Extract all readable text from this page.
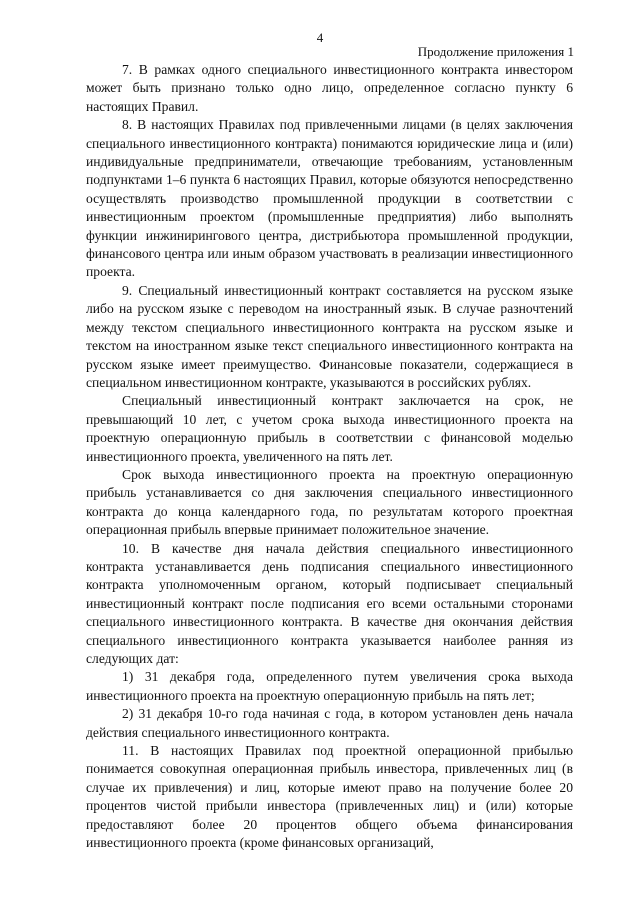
4
Продолжение приложения 1

7. В рамках одного специального инвестиционного контракта инвестором может быть признано только одно лицо, определенное согласно пункту 6 настоящих Правил.

8. В настоящих Правилах под привлеченными лицами (в целях заключения специального инвестиционного контракта) понимаются юридические лица и (или) индивидуальные предприниматели, отвечающие требованиям, установленным подпунктами 1–6 пункта 6 настоящих Правил, которые обязуются непосредственно осуществлять производство промышленной продукции в соответствии с инвестиционным проектом (промышленные предприятия) либо выполнять функции инжинирингового центра, дистрибьютора промышленной продукции, финансового центра или иным образом участвовать в реализации инвестиционного проекта.

9. Специальный инвестиционный контракт составляется на русском языке либо на русском языке с переводом на иностранный язык. В случае разночтений между текстом специального инвестиционного контракта на русском языке и текстом на иностранном языке текст специального инвестиционного контракта на русском языке имеет преимущество. Финансовые показатели, содержащиеся в специальном инвестиционном контракте, указываются в российских рублях.

Специальный инвестиционный контракт заключается на срок, не превышающий 10 лет, с учетом срока выхода инвестиционного проекта на проектную операционную прибыль в соответствии с финансовой моделью инвестиционного проекта, увеличенного на пять лет.

Срок выхода инвестиционного проекта на проектную операционную прибыль устанавливается со дня заключения специального инвестиционного контракта до конца календарного года, по результатам которого проектная операционная прибыль впервые принимает положительное значение.

10. В качестве дня начала действия специального инвестиционного контракта устанавливается день подписания специального инвестиционного контракта уполномоченным органом, который подписывает специальный инвестиционный контракт после подписания его всеми остальными сторонами специального инвестиционного контракта. В качестве дня окончания действия специального инвестиционного контракта указывается наиболее ранняя из следующих дат:

1) 31 декабря года, определенного путем увеличения срока выхода инвестиционного проекта на проектную операционную прибыль на пять лет;

2) 31 декабря 10-го года начиная с года, в котором установлен день начала действия специального инвестиционного контракта.

11. В настоящих Правилах под проектной операционной прибылью понимается совокупная операционная прибыль инвестора, привлеченных лиц (в случае их привлечения) и лиц, которые имеют право на получение более 20 процентов чистой прибыли инвестора (привлеченных лиц) и (или) которые предоставляют более 20 процентов общего объема финансирования инвестиционного проекта (кроме финансовых организаций,
